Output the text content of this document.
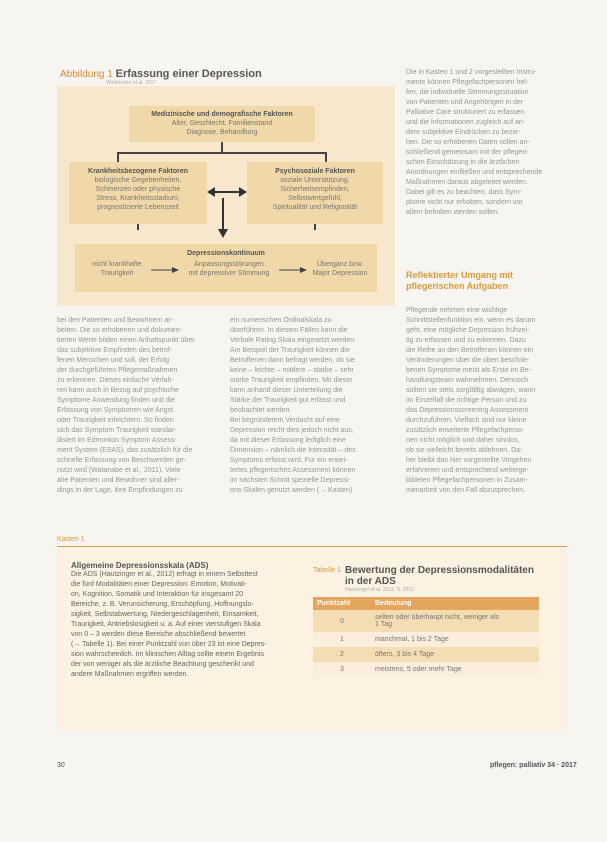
Abbildung 1 Erfassung einer Depression
Wolfersdorf et al. 2017
Medizinische und demografische Faktoren
Alter, Geschlecht, Familienstand
Diagnose, Behandlung
Krankheitsbezogene Faktoren
biologische Gegebenheiten,
Schmerzen oder physische
Stress, Krankheitsstadium,
prognostizierte Lebenszeit
Psychosoziale Faktoren
soziale Unterstützung,
Sicherheitsempfinden,
Selbstwertgefühl,
Spiritualität und Religiosität
Depressionskontinuum
nicht krankhafte
Traurigkeit
Anpassungsstörungen
mit depressiver Stimmung
Überganz bzw.
Major Depression
Die in Kasten 1 und 2 vorgestellten Instru-
mente können Pflegefachpersonen hel-
fen, die individuelle Stimmungssituation
von Patienten und Angehörigen in der
Palliative Care strukturiert zu erfassen
und die Informationen zugleich auf an-
dere subjektive Eindrücken zu bezie-
hen. Die so erhobenen Daten sollen an-
schließend gemeinsam mit der pflegeri-
schen Einschätzung in die ärztlichen
Anordnungen einfließen und entsprechende
Maßnahmen daraus abgeleitet werden.
Dabei gilt es zu beachten, dass Sym-
ptome nicht nur erhoben, sondern vor
allem behoben werden sollen.
Reflektierter Umgang mit
pflegerischen Aufgaben
Pflegende nehmen eine wichtige
Schnittstellenfunktion ein, wenn es darum
geht, eine mögliche Depression frühzei-
tig zu erfassen und zu erkennen. Dazu
die Reihe an den Betroffenen können ein
Veränderungen über die oben beschrie-
benen Symptome meist als Erste im Be-
handlungsteam wahrnehmen. Dennoch
sollten sie stets sorgfältig abwägen, wann
im Einzelfall die richtige Person und zu
das Depressionsscreening Assessment
durchzuführen. Vielfach sind nur kleine
zusätzlich erweiterte Pflegefachperso-
nen nicht möglich und daher sinnlos,
ob sie vielleicht bereits ablehnen. Da-
her bleibt das hier vorgestellte Vorgehen
erfahrenen und entsprechend weiterge-
bildeten Pflegefachpersonen in Zusam-
menarbeit von den Fall abzusprechen.
bei den Patienten und Bewohnern ar-
beiten. Die so erhobenen und dokumen-
tierten Werte bilden einen Anhaltspunkt über
das subjektive Empfinden des betrof-
fenen Menschen und soll, der Erfolg
der durchgeführten Pflegemaßnahmen
zu erkennen. Dieses einfache Verfah-
ren kann auch in Bezug auf psychische
Symptome Anwendung finden und die
Erfassung von Symptomen wie Angst
oder Traurigkeit erleichtern. So finden
sich das Symptom Traurigkeit standar-
disiert im Edmonton Symptom Assess-
ment System (ESAS), das zusätzlich für die
schnelle Erfassung von Beschwerden ge-
nutzt wird (Watanabe et al., 2011). Viele
alte Patienten und Bewohner sind aller-
dings in der Lage, ihre Empfindungen zu
ein numerischen Ordinalskala zu
überführen. In diesem Fällen kann die
Verbale Rating Skala eingesetzt werden.
Am Beispiel der Traurigkeit können die
Betroffenen dann befragt werden, ob sie
keine – leichte – mittlere – starke – sehr
starke Traurigkeit empfinden. Mit dieser
kann anhand dieser Unterteilung die
Stärke der Traurigkeit gut erfasst und
beobachtet werden.
Bei begründetem Verdacht auf eine
Depression reicht dies jedoch nicht aus,
da mit dieser Erfassung lediglich eine
Dimension – nämlich die Intensität – des
Symptoms erfasst wird. Für ein erwei-
tertes pflegerisches Assessment können
im nächsten Schritt spezielle Depressi-
ons-Skalen genutzt werden (→ Kasten)
Kasten 1
Allgemeine Depressionsskala (ADS)
Die ADS (Hautzinger et al., 2012) erfragt in einem Selbsttest
die fünf Modalitäten einer Depression: Emotion, Motivati-
on, Kognition, Somatik und Interaktion für insgesamt 20
Bereiche, z. B. Verunsicherung, Erschöpfung, Hoffnungslo-
sigkeit, Selbstabwertung, Niedergeschlagenheit, Einsamkeit,
Traurigkeit, Antriebslosigkeit u. a. Auf einer vierstufigen Skala
von 0 – 3 werden diese Bereiche abschließend bewertet
(→ Tabelle 1). Bei einer Punktzahl von über 23 ist eine Depres-
sion wahrscheinlich. Im klinischen Alltag sollte einem Ergebnis
der von weniger als die ärztliche Beachtung geschenkt und
andere Maßnahmen ergriffen werden.
Tabelle 1 Bewertung der Depressionsmodalitäten
in der ADS
Hautzinger et al. 2012, S. 2012
Punktzahl	Bedeutung
0	selten oder überhaupt nicht, weniger als
1 Tag

1	manchmal, 1 bis 2 Tage
2	öfters, 3 bis 4 Tage
3	meistens, 5 oder mehr Tage
30	pflegen: palliativ 34 · 2017
